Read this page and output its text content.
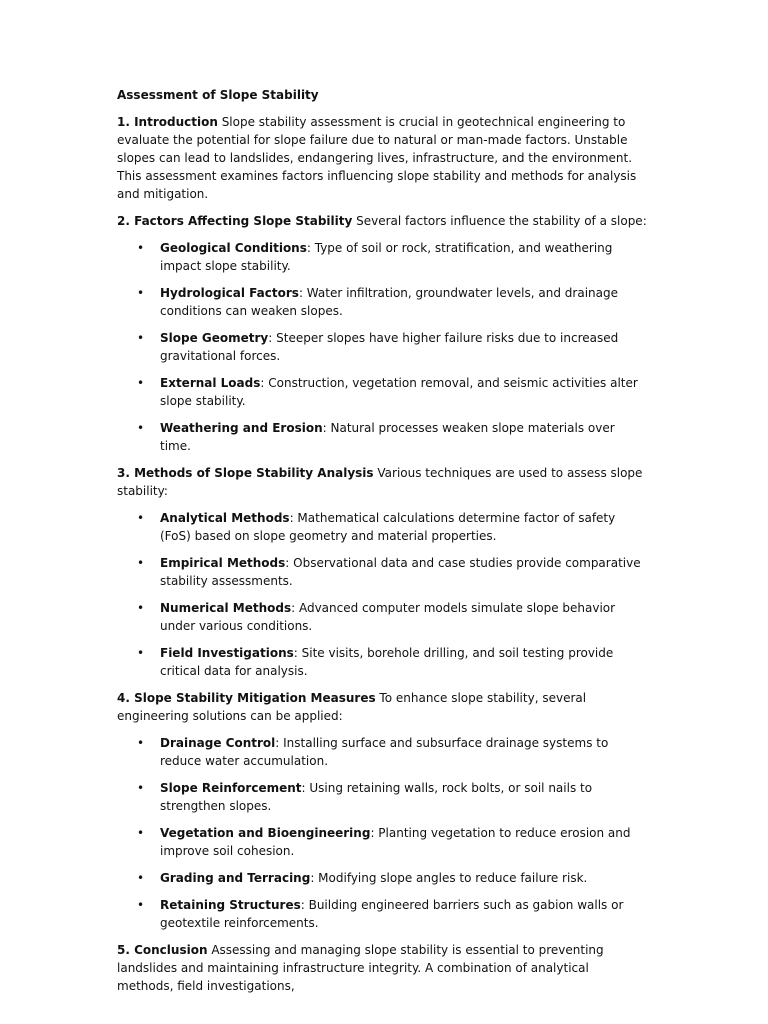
Assessment of Slope Stability

1. Introduction Slope stability assessment is crucial in geotechnical engineering to evaluate the potential for slope failure due to natural or man-made factors. Unstable slopes can lead to landslides, endangering lives, infrastructure, and the environment. This assessment examines factors influencing slope stability and methods for analysis and mitigation.

2. Factors Affecting Slope Stability Several factors influence the stability of a slope:

• Geological Conditions: Type of soil or rock, stratification, and weathering impact slope stability.
• Hydrological Factors: Water infiltration, groundwater levels, and drainage conditions can weaken slopes.
• Slope Geometry: Steeper slopes have higher failure risks due to increased gravitational forces.
• External Loads: Construction, vegetation removal, and seismic activities alter slope stability.
• Weathering and Erosion: Natural processes weaken slope materials over time.

3. Methods of Slope Stability Analysis Various techniques are used to assess slope stability:

• Analytical Methods: Mathematical calculations determine factor of safety (FoS) based on slope geometry and material properties.
• Empirical Methods: Observational data and case studies provide comparative stability assessments.
• Numerical Methods: Advanced computer models simulate slope behavior under various conditions.
• Field Investigations: Site visits, borehole drilling, and soil testing provide critical data for analysis.

4. Slope Stability Mitigation Measures To enhance slope stability, several engineering solutions can be applied:

• Drainage Control: Installing surface and subsurface drainage systems to reduce water accumulation.
• Slope Reinforcement: Using retaining walls, rock bolts, or soil nails to strengthen slopes.
• Vegetation and Bioengineering: Planting vegetation to reduce erosion and improve soil cohesion.
• Grading and Terracing: Modifying slope angles to reduce failure risk.
• Retaining Structures: Building engineered barriers such as gabion walls or geotextile reinforcements.

5. Conclusion Assessing and managing slope stability is essential to preventing landslides and maintaining infrastructure integrity. A combination of analytical methods, field investigations,
